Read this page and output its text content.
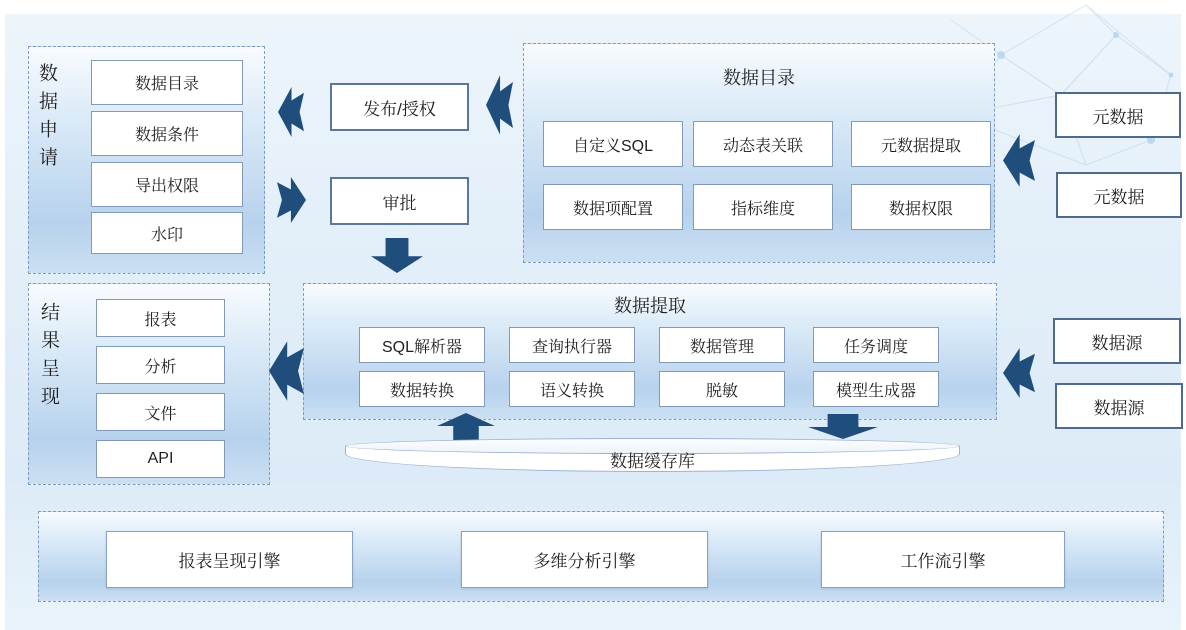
数据申请	数据目录
数据条件
导出权限
水印
发布/授权
审批
数据目录
自定义SQL	动态表关联	元数据提取
数据项配置	指标维度	数据权限
元数据
元数据
数据提取
SQL解析器	查询执行器	数据管理	任务调度
数据转换	语义转换	脱敏	模型生成器
数据源
数据源
结果呈现	报表
分析
文件
API	数据缓存库
报表呈现引擎	多维分析引擎	工作流引擎
